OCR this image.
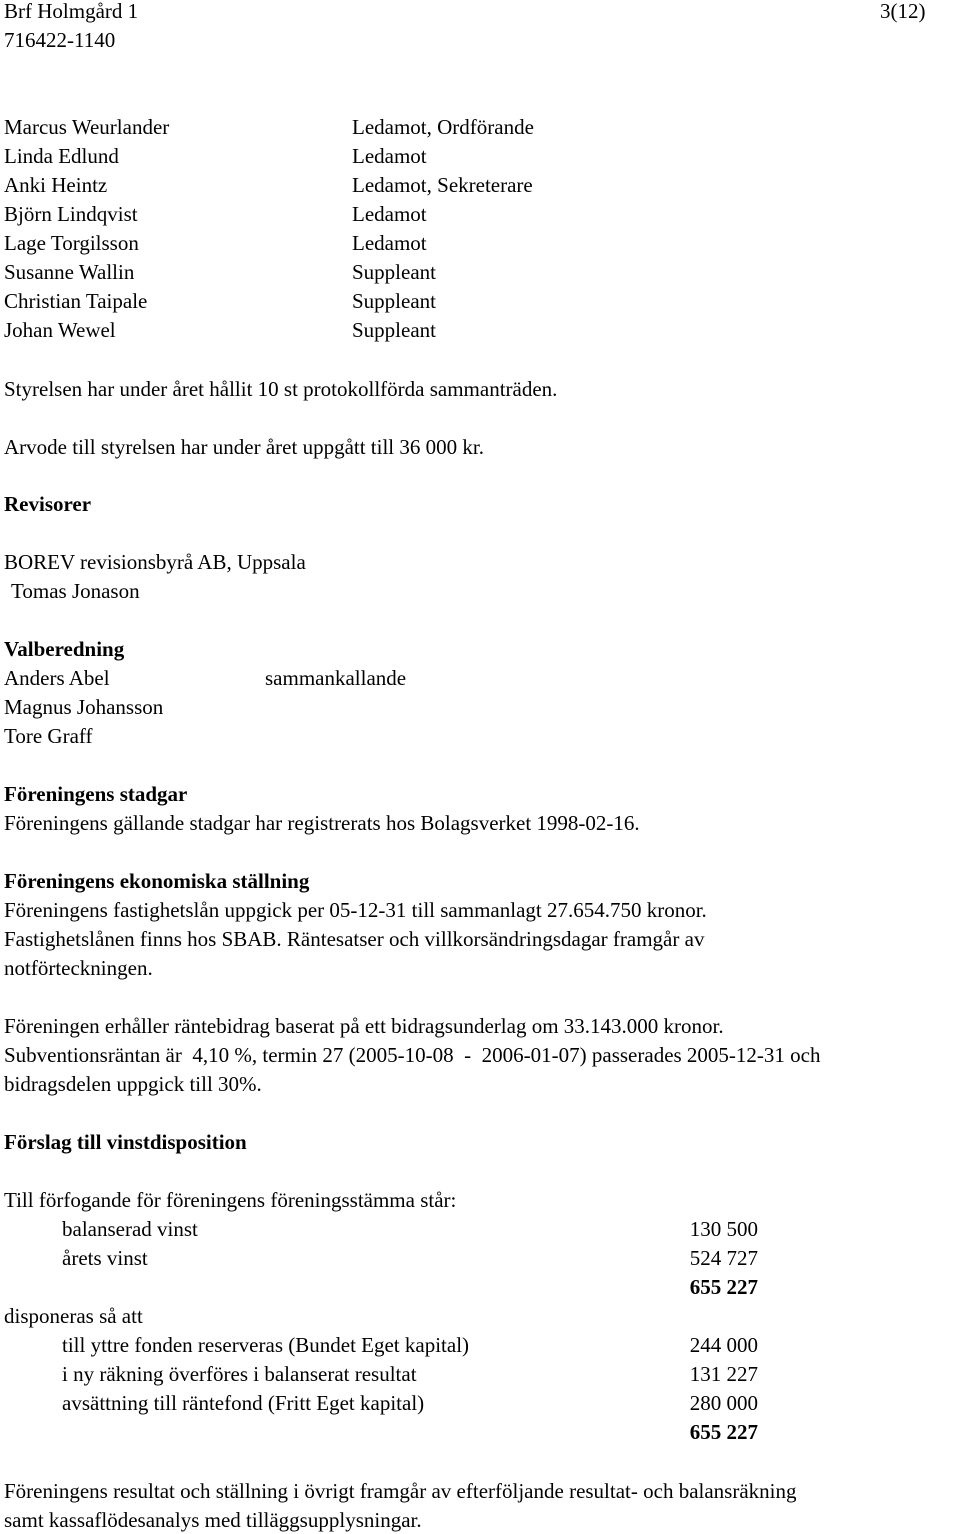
Brf Holmgård 1
716422-1140
3(12)
Marcus Weurlander	Ledamot, Ordförande
Linda Edlund	Ledamot
Anki Heintz	Ledamot, Sekreterare
Björn Lindqvist	Ledamot
Lage Torgilsson	Ledamot
Susanne Wallin	Suppleant
Christian Taipale	Suppleant
Johan Wewel	Suppleant
Styrelsen har under året hållit 10 st protokollförda sammanträden.
Arvode till styrelsen har under året uppgått till 36 000 kr.
Revisorer
BOREV revisionsbyrå AB, Uppsala
Tomas Jonason
Valberedning
Anders Abel	sammankallande
Magnus Johansson
Tore Graff
Föreningens stadgar
Föreningens gällande stadgar har registrerats hos Bolagsverket 1998-02-16.
Föreningens ekonomiska ställning
Föreningens fastighetslån uppgick per 05-12-31 till sammanlagt 27.654.750 kronor.
Fastighetslånen finns hos SBAB. Räntesatser och villkorsändringsdagar framgår av
notförteckningen.
Föreningen erhåller räntebidrag baserat på ett bidragsunderlag om 33.143.000 kronor.
Subventionsräntan är  4,10 %, termin 27 (2005-10-08  -  2006-01-07) passerades 2005-12-31 och
bidragsdelen uppgick till 30%.
Förslag till vinstdisposition
Till förfogande för föreningens föreningsstämma står:
balanserad vinst	130 500
årets vinst	524 727
655 227
disponeras så att
till yttre fonden reserveras (Bundet Eget kapital)	244 000
i ny räkning överföres i balanserat resultat	131 227
avsättning till räntefond (Fritt Eget kapital)	280 000
655 227
Föreningens resultat och ställning i övrigt framgår av efterföljande resultat- och balansräkning
samt kassaflödesanalys med tilläggsupplysningar.
